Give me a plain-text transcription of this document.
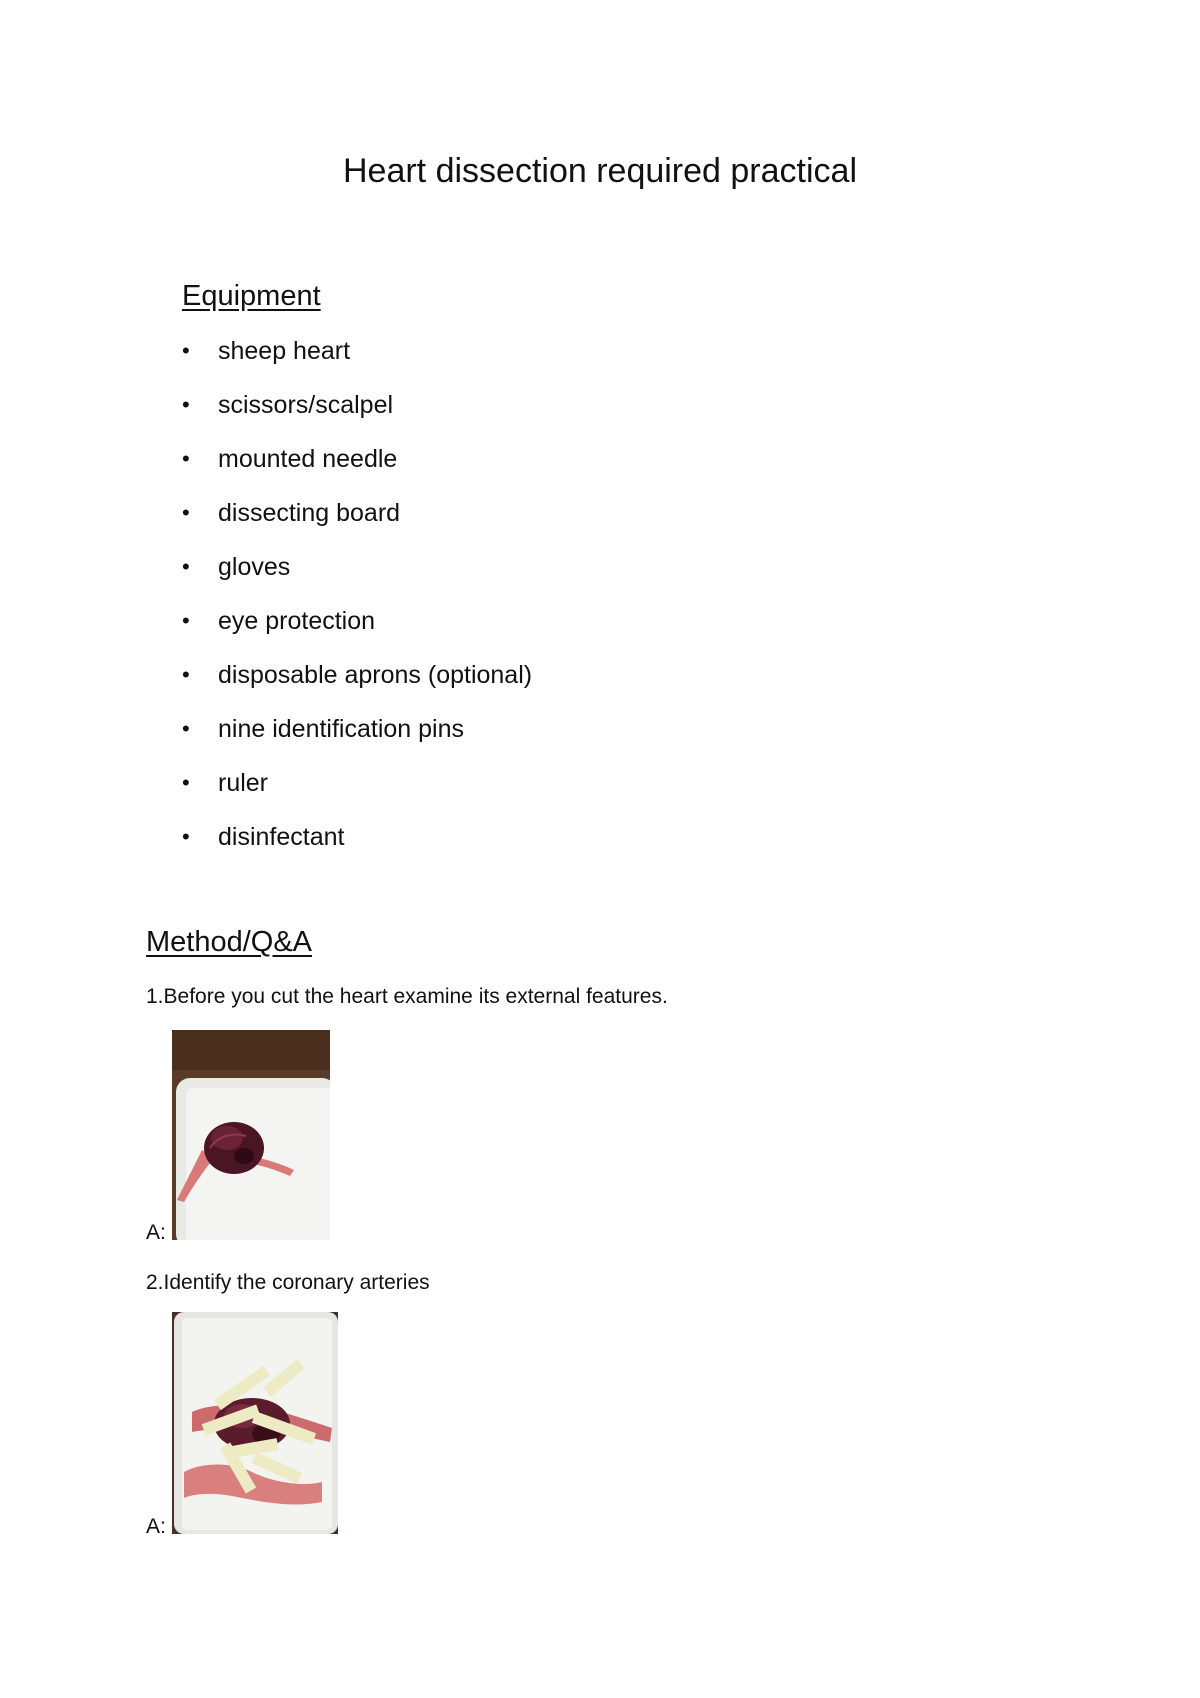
Heart dissection required practical
Equipment
•	sheep heart
•	scissors/scalpel
•	mounted needle
•	dissecting board
•	gloves
•	eye protection
•	disposable aprons (optional)
•	nine identification pins
•	ruler
•	disinfectant
Method/Q&A

1.Before you cut the heart examine its external features.

A:

2.Identify the coronary arteries

A:
